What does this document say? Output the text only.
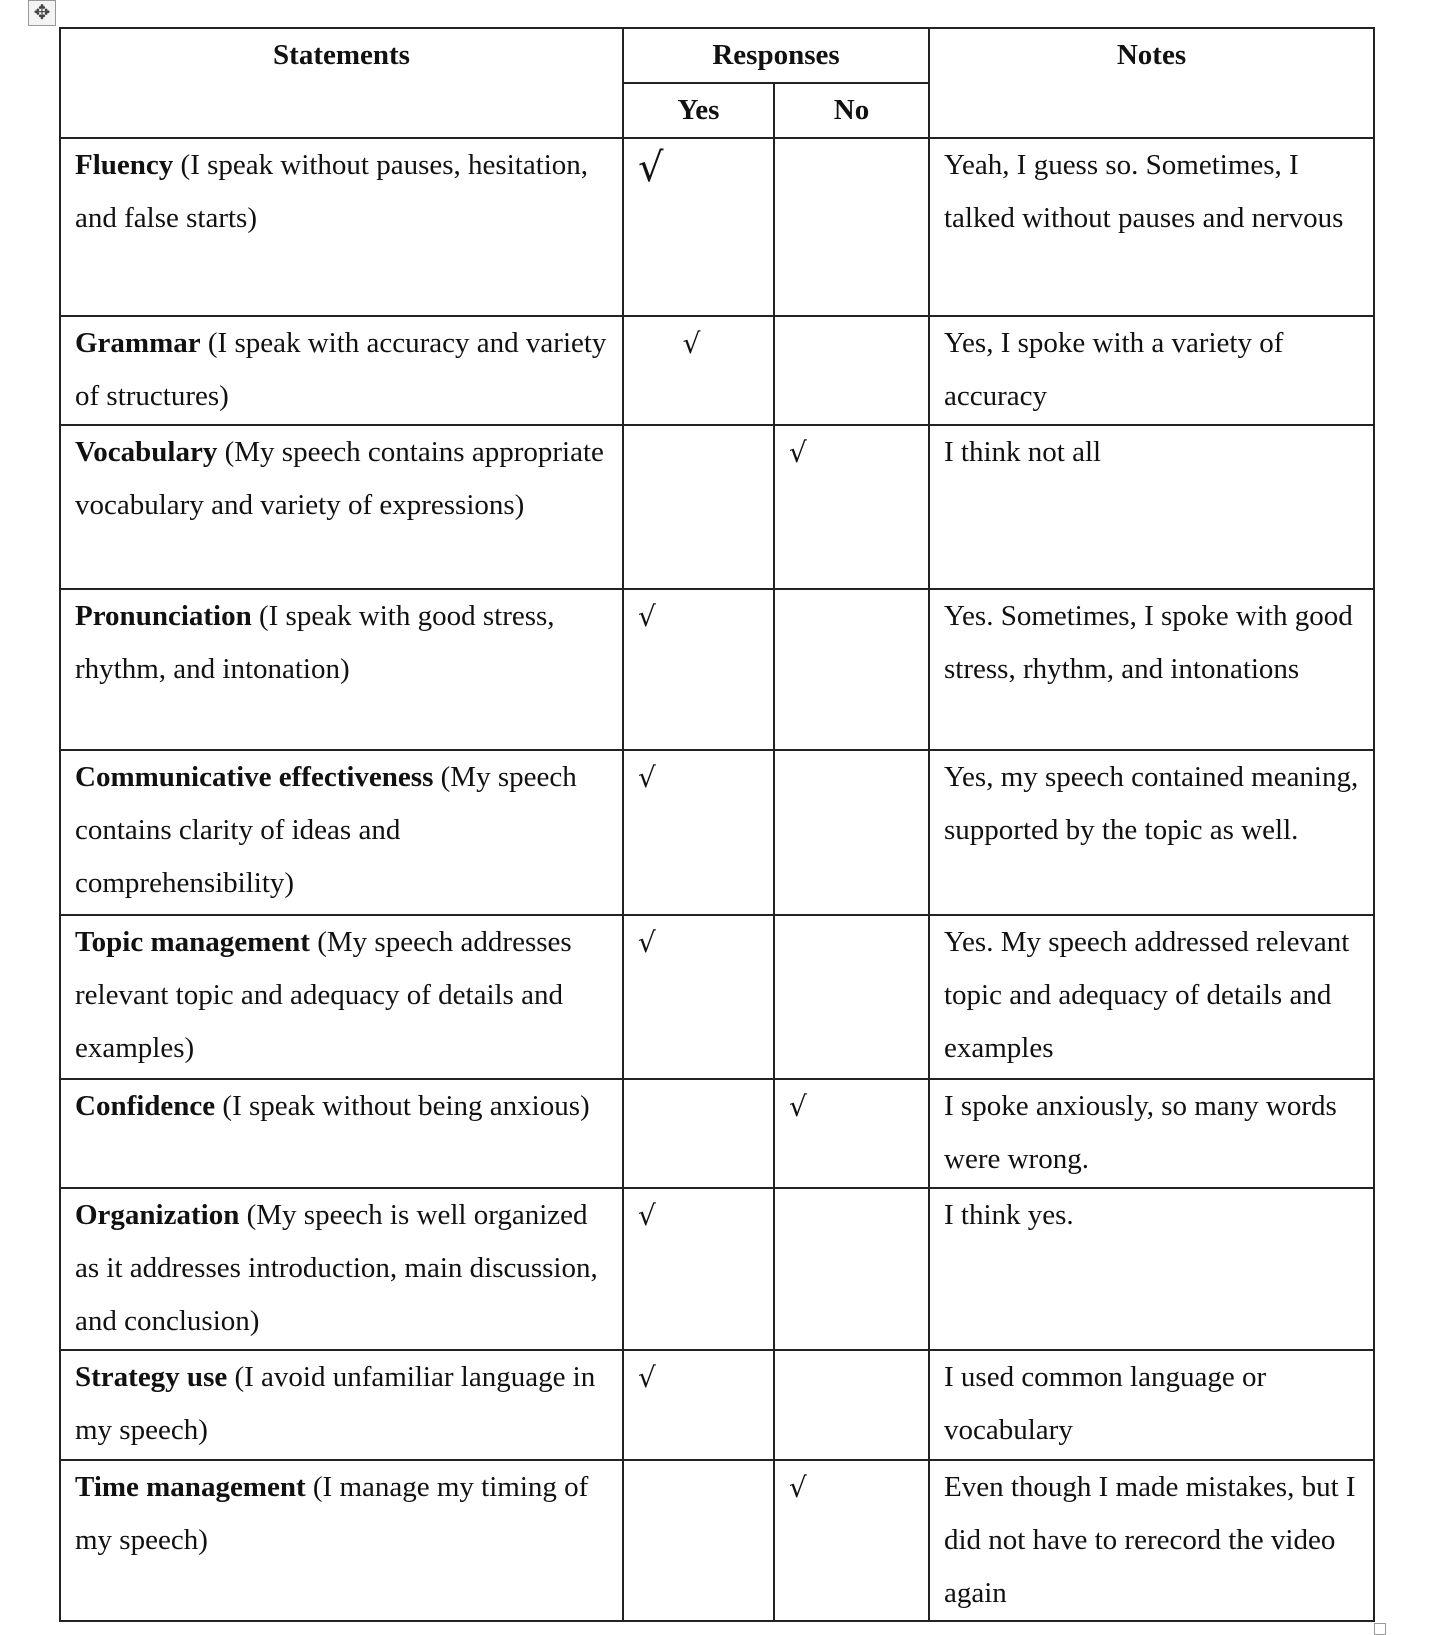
✥
Statements	Responses		Notes
	Yes	No	
Fluency (I speak without pauses, hesitation, and false starts)	√		Yeah, I guess so. Sometimes, I talked without pauses and nervous
Grammar (I speak with accuracy and variety of structures)	√		Yes, I spoke with a variety of accuracy
Vocabulary (My speech contains appropriate vocabulary and variety of expressions)		√	I think not all
Pronunciation (I speak with good stress, rhythm, and intonation)	√		Yes. Sometimes, I spoke with good stress, rhythm, and intonations
Communicative effectiveness (My speech contains clarity of ideas and comprehensibility)	√		Yes, my speech contained meaning, supported by the topic as well.
Topic management (My speech addresses relevant topic and adequacy of details and examples)	√		Yes. My speech addressed relevant topic and adequacy of details and examples
Confidence (I speak without being anxious)		√	I spoke anxiously, so many words were wrong.
Organization (My speech is well organized as it addresses introduction, main discussion, and conclusion)	√		I think yes.
Strategy use (I avoid unfamiliar language in my speech)	√		I used common language or vocabulary
Time management (I manage my timing of my speech)		√	Even though I made mistakes, but I did not have to rerecord the video again
